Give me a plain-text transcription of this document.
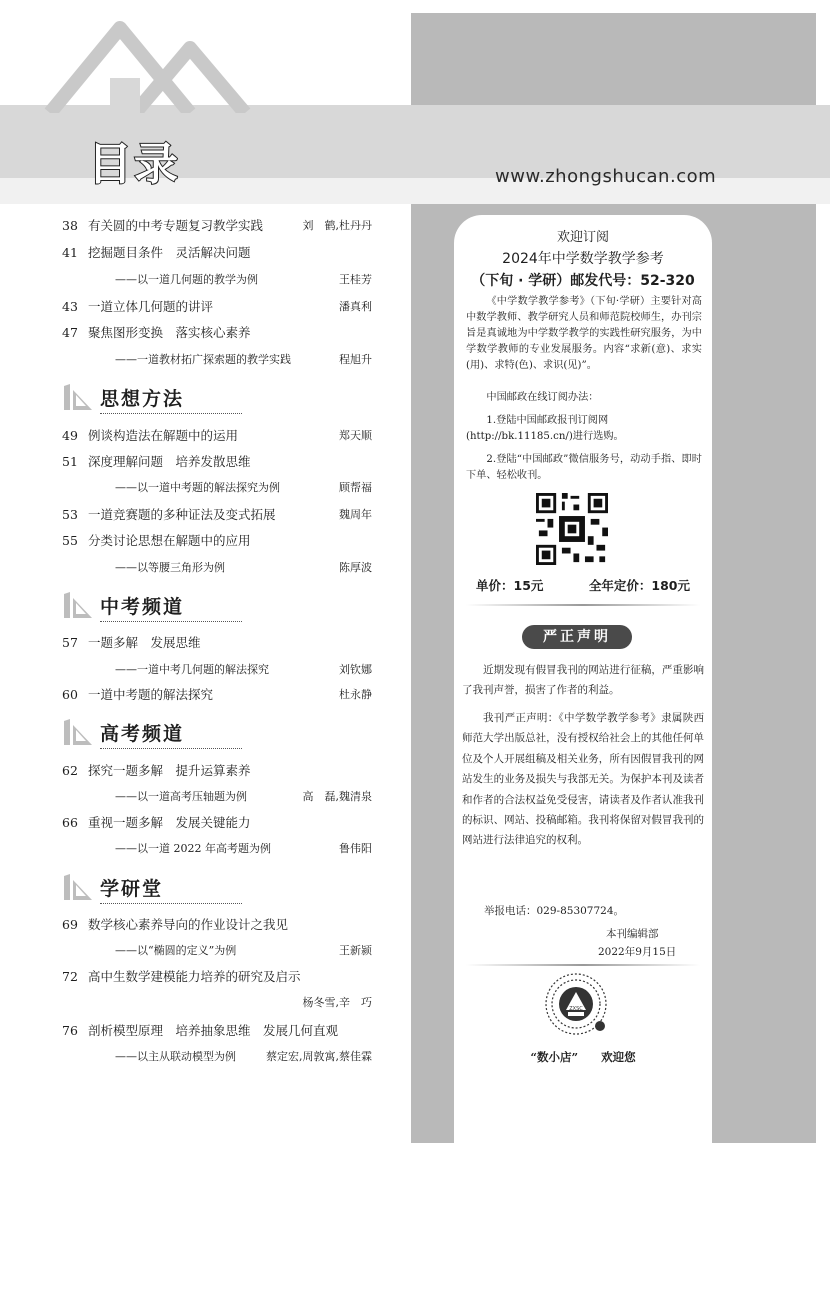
目录	www.zhongshucan.com
38 有关圆的中考专题复习教学实践	刘　鹤,杜丹丹
41 挖掘题目条件　灵活解决问题
——以一道几何题的教学为例	王桂芳
43 一道立体几何题的讲评	潘真利
47 聚焦图形变换　落实核心素养
——一道教材拓广探索题的教学实践	程旭升
思想方法
49 例谈构造法在解题中的运用	郑天顺
51 深度理解问题　培养发散思维
——以一道中考题的解法探究为例	顾帮福
53 一道竞赛题的多种证法及变式拓展	魏周年
55 分类讨论思想在解题中的应用
——以等腰三角形为例	陈厚波
中考频道
57 一题多解　发展思维
——一道中考几何题的解法探究	刘钦娜
60 一道中考题的解法探究	杜永静
高考频道
62 探究一题多解　提升运算素养
——以一道高考压轴题为例	高　磊,魏清泉
66 重视一题多解　发展关键能力
——以一道 2022 年高考题为例	鲁伟阳
学研堂
69 数学核心素养导向的作业设计之我见
——以“椭圆的定义”为例	王新颍
72 高中生数学建模能力培养的研究及启示
杨冬雪,辛　巧
76 剖析模型原理　培养抽象思维　发展几何直观
——以主从联动模型为例	蔡定宏,周敦寓,蔡佳霖
欢迎订阅
2024年中学数学教学参考
（下旬 · 学研）邮发代号：52-320
《中学数学教学参考》（下旬·学研）主要针对高中数学教师、教学研究人员和师范院校师生，办刊宗旨是真诚地为中学数学教学的实践性研究服务，为中学数学教师的专业发展服务。内容“求新(意)、求实(用)、求特(色)、求识(见)”。
中国邮政在线订阅办法：
1.登陆中国邮政报刊订阅网
(http://bk.11185.cn/)进行选购。
2.登陆“中国邮政”微信服务号，动动手指、即时下单、轻松收刊。
单价：15元	全年定价：180元
严正声明
近期发现有假冒我刊的网站进行征稿，严重影响了我刊声誉，损害了作者的利益。
我刊严正声明：《中学数学教学参考》隶属陕西师范大学出版总社，没有授权给社会上的其他任何单位及个人开展组稿及相关业务，所有因假冒我刊的网站发生的业务及损失与我部无关。为保护本刊及读者和作者的合法权益免受侵害，请读者及作者认准我刊的标识、网站、投稿邮箱。我刊将保留对假冒我刊的网站进行法律追究的权利。
举报电话：029-85307724。
本刊编辑部
2022年9月15日
ZXSC
“数小店”　　欢迎您
